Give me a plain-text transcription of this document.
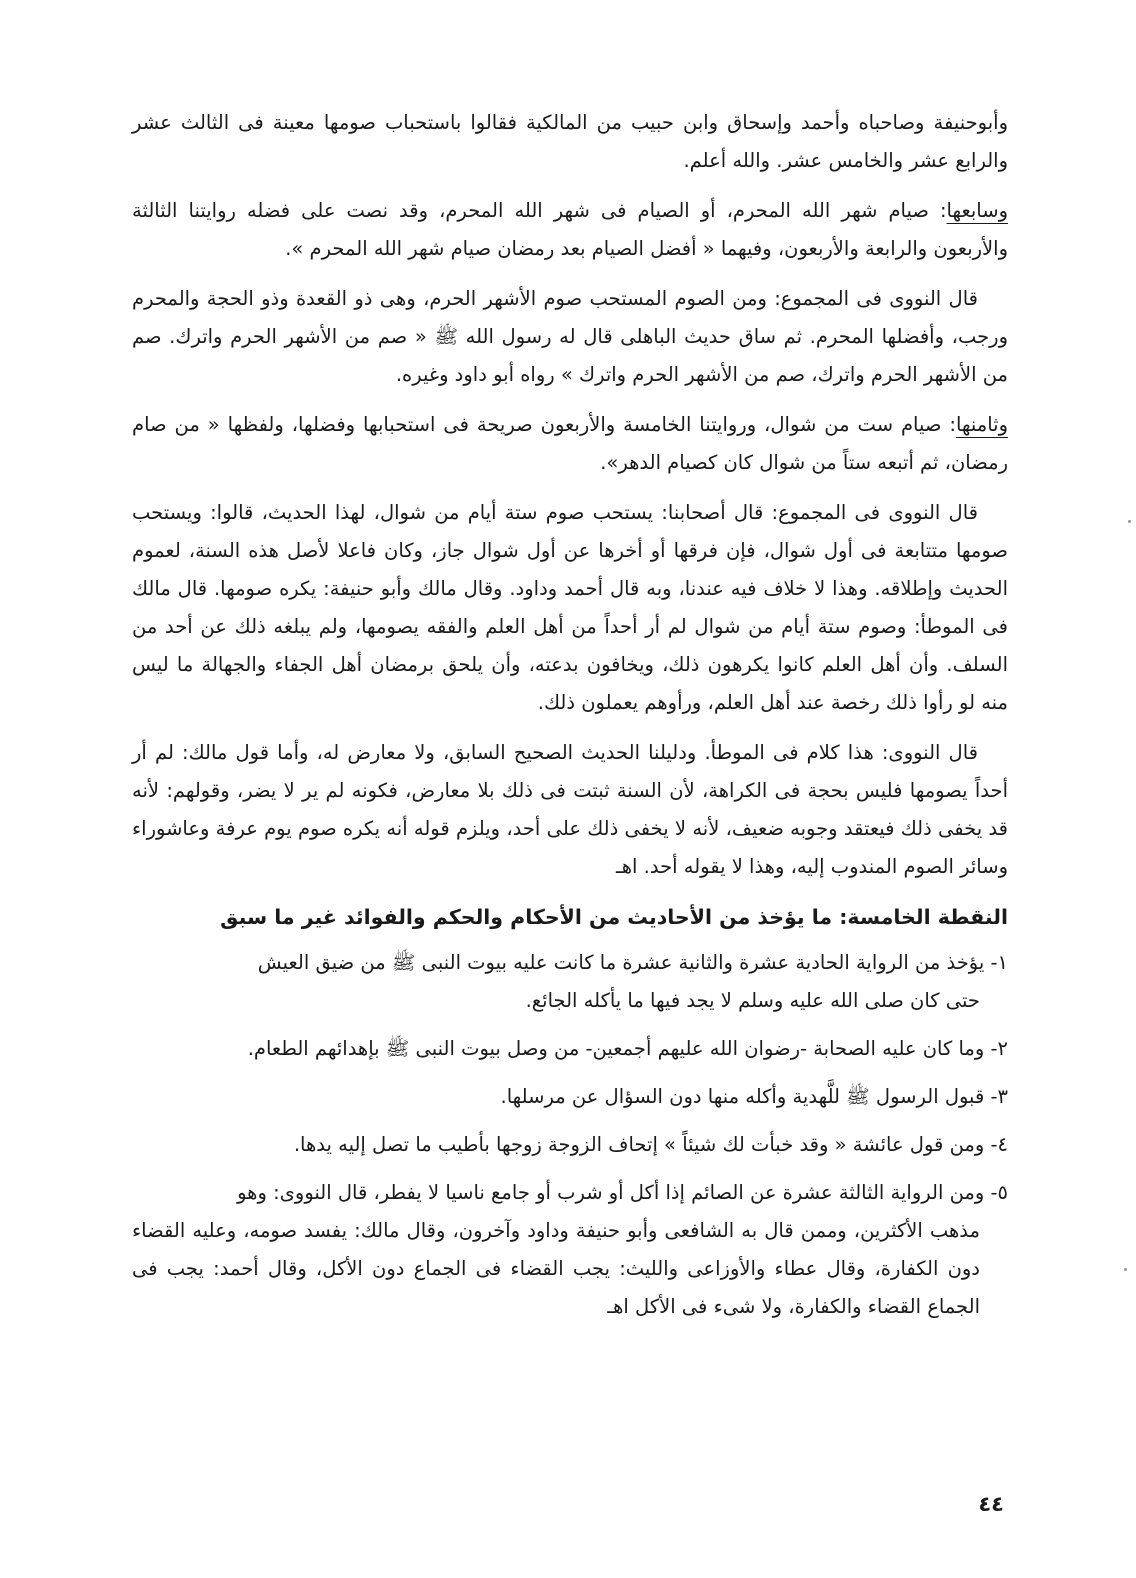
وأبوحنيفة وصاحباه وأحمد وإسحاق وابن حبيب من المالكية فقالوا باستحباب صومها معينة فى الثالث عشر والرابع عشر والخامس عشر. والله أعلم.

وسابعها: صيام شهر الله المحرم، أو الصيام فى شهر الله المحرم، وقد نصت على فضله روايتنا الثالثة والأربعون والرابعة والأربعون، وفيهما « أفضل الصيام بعد رمضان صيام شهر الله المحرم ».

قال النووى فى المجموع: ومن الصوم المستحب صوم الأشهر الحرم، وهى ذو القعدة وذو الحجة والمحرم ورجب، وأفضلها المحرم. ثم ساق حديث الباهلى قال له رسول الله ﷺ « صم من الأشهر الحرم واترك. صم من الأشهر الحرم واترك، صم من الأشهر الحرم واترك » رواه أبو داود وغيره.

وثامنها: صيام ست من شوال، وروايتنا الخامسة والأربعون صريحة فى استحبابها وفضلها، ولفظها « من صام رمضان، ثم أتبعه ستاً من شوال كان كصيام الدهر».

قال النووى فى المجموع: قال أصحابنا: يستحب صوم ستة أيام من شوال، لهذا الحديث، قالوا: ويستحب صومها متتابعة فى أول شوال، فإن فرقها أو أخرها عن أول شوال جاز، وكان فاعلا لأصل هذه السنة، لعموم الحديث وإطلاقه. وهذا لا خلاف فيه عندنا، وبه قال أحمد وداود. وقال مالك وأبو حنيفة: يكره صومها. قال مالك فى الموطأ: وصوم ستة أيام من شوال لم أر أحداً من أهل العلم والفقه يصومها، ولم يبلغه ذلك عن أحد من السلف. وأن أهل العلم كانوا يكرهون ذلك، ويخافون بدعته، وأن يلحق برمضان أهل الجفاء والجهالة ما ليس منه لو رأوا ذلك رخصة عند أهل العلم، ورأوهم يعملون ذلك.

قال النووى: هذا كلام فى الموطأ. ودليلنا الحديث الصحيح السابق، ولا معارض له، وأما قول مالك: لم أر أحداً يصومها فليس بحجة فى الكراهة، لأن السنة ثبتت فى ذلك بلا معارض، فكونه لم ير لا يضر، وقولهم: لأنه قد يخفى ذلك فيعتقد وجوبه ضعيف، لأنه لا يخفى ذلك على أحد، ويلزم قوله أنه يكره صوم يوم عرفة وعاشوراء وسائر الصوم المندوب إليه، وهذا لا يقوله أحد. اهـ

النقطة الخامسة: ما يؤخذ من الأحاديث من الأحكام والحكم والفوائد غير ما سبق

١- يؤخذ من الرواية الحادية عشرة والثانية عشرة ما كانت عليه بيوت النبى ﷺ من ضيق العيش
حتى كان صلى الله عليه وسلم لا يجد فيها ما يأكله الجائع.

٢- وما كان عليه الصحابة -رضوان الله عليهم أجمعين- من وصل بيوت النبى ﷺ بإهدائهم الطعام.

٣- قبول الرسول ﷺ للَّهدية وأكله منها دون السؤال عن مرسلها.

٤- ومن قول عائشة « وقد خبأت لك شيئاً » إتحاف الزوجة زوجها بأطيب ما تصل إليه يدها.

٥- ومن الرواية الثالثة عشرة عن الصائم إذا أكل أو شرب أو جامع ناسيا لا يفطر، قال النووى: وهو
مذهب الأكثرين، وممن قال به الشافعى وأبو حنيفة وداود وآخرون، وقال مالك: يفسد صومه، وعليه القضاء دون الكفارة، وقال عطاء والأوزاعى والليث: يجب القضاء فى الجماع دون الأكل، وقال أحمد: يجب فى الجماع القضاء والكفارة، ولا شىء فى الأكل اهـ

٤٤
